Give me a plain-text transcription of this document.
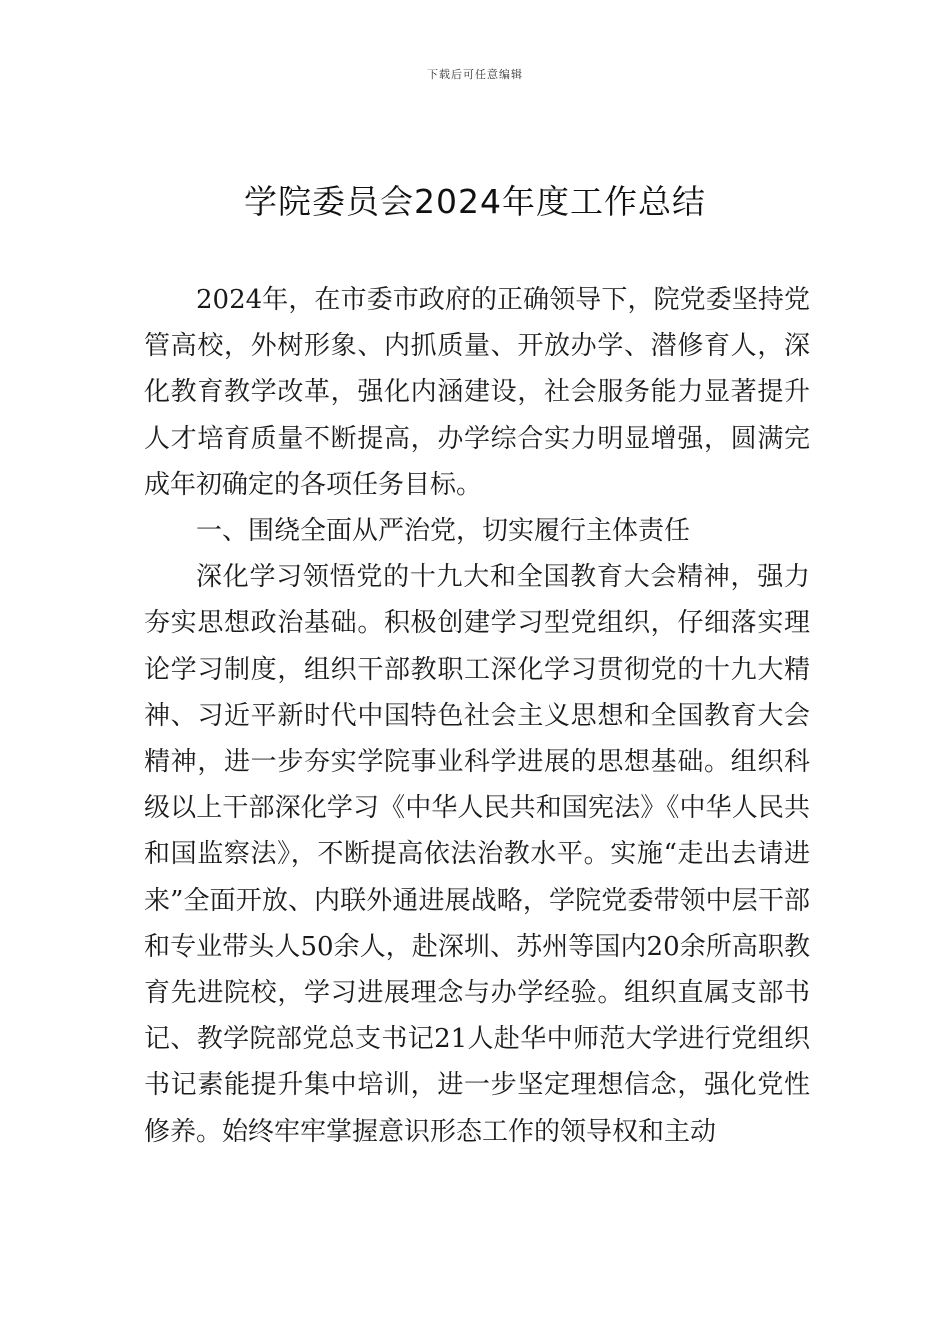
下载后可任意编辑
学院委员会2024年度工作总结

2024年，在市委市政府的正确领导下，院党委坚持党管高校，外树形象、内抓质量、开放办学、潜修育人，深化教育教学改革，强化内涵建设，社会服务能力显著提升人才培育质量不断提高，办学综合实力明显增强，圆满完成年初确定的各项任务目标。

一、围绕全面从严治党，切实履行主体责任

深化学习领悟党的十九大和全国教育大会精神，强力夯实思想政治基础。积极创建学习型党组织，仔细落实理论学习制度，组织干部教职工深化学习贯彻党的十九大精神、习近平新时代中国特色社会主义思想和全国教育大会精神，进一步夯实学院事业科学进展的思想基础。组织科级以上干部深化学习《中华人民共和国宪法》《中华人民共和国监察法》，不断提高依法治教水平。实施“走出去请进来”全面开放、内联外通进展战略，学院党委带领中层干部和专业带头人50余人，赴深圳、苏州等国内20余所高职教育先进院校，学习进展理念与办学经验。组织直属支部书记、教学院部党总支书记21人赴华中师范大学进行党组织书记素能提升集中培训，进一步坚定理想信念，强化党性修养。始终牢牢掌握意识形态工作的领导权和主动
